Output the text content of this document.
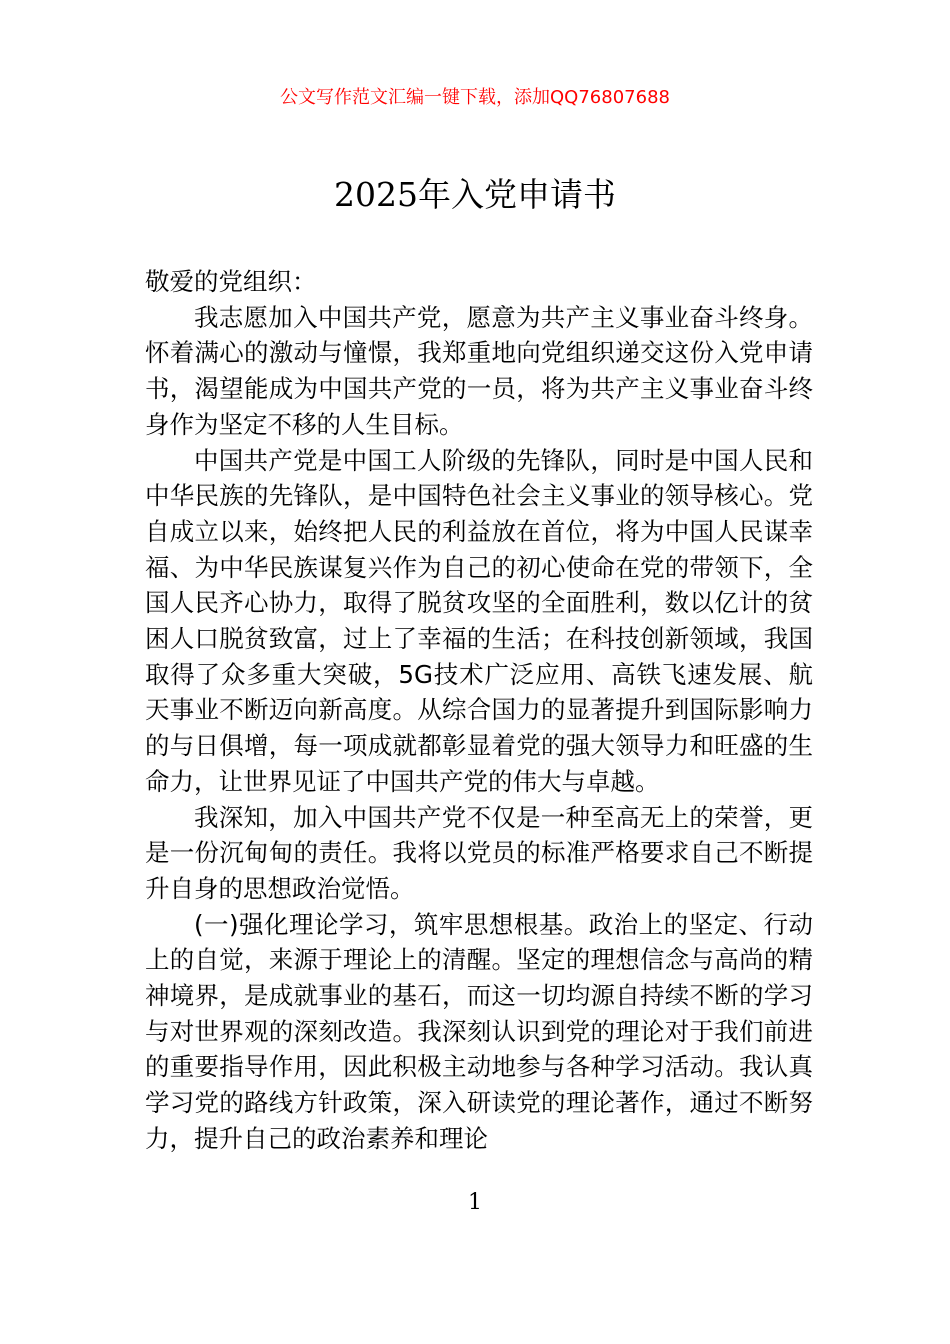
公文写作范文汇编一键下载，添加QQ76807688
2025年入党申请书

敬爱的党组织：

我志愿加入中国共产党，愿意为共产主义事业奋斗终身。怀着满心的激动与憧憬，我郑重地向党组织递交这份入党申请书，渴望能成为中国共产党的一员，将为共产主义事业奋斗终身作为坚定不移的人生目标。

中国共产党是中国工人阶级的先锋队，同时是中国人民和中华民族的先锋队，是中国特色社会主义事业的领导核心。党自成立以来，始终把人民的利益放在首位，将为中国人民谋幸福、为中华民族谋复兴作为自己的初心使命在党的带领下，全国人民齐心协力，取得了脱贫攻坚的全面胜利，数以亿计的贫困人口脱贫致富，过上了幸福的生活；在科技创新领域，我国取得了众多重大突破，5G技术广泛应用、高铁飞速发展、航天事业不断迈向新高度。从综合国力的显著提升到国际影响力的与日俱增，每一项成就都彰显着党的强大领导力和旺盛的生命力，让世界见证了中国共产党的伟大与卓越。

我深知，加入中国共产党不仅是一种至高无上的荣誉，更是一份沉甸甸的责任。我将以党员的标准严格要求自己不断提升自身的思想政治觉悟。

(一)强化理论学习，筑牢思想根基。政治上的坚定、行动上的自觉，来源于理论上的清醒。坚定的理想信念与高尚的精神境界，是成就事业的基石，而这一切均源自持续不断的学习与对世界观的深刻改造。我深刻认识到党的理论对于我们前进的重要指导作用，因此积极主动地参与各种学习活动。我认真学习党的路线方针政策，深入研读党的理论著作，通过不断努力，提升自己的政治素养和理论

1
